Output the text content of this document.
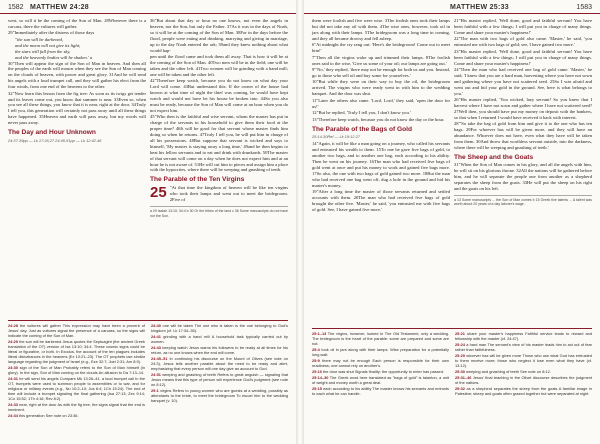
1582 MATTHEW 24:28

west, so will it be the coming of the Son of Man. 28Wherever there is a carcass, there the vultures will gather.

29"Immediately after the distress of those days

"the sun will be darkened,

and the moon will not give its light;

the stars will fall from the sky,

and the heavenly bodies will be shaken.' a

30"Then will appear the sign of the Son of Man in heaven. And then all the peoples of the earth will mourn when they see the Son of Man coming on the clouds of heaven, with power and great glory. 31And he will send his angels with a loud trumpet call, and they will gather his elect from the four winds, from one end of the heavens to the other.

32"Now learn this lesson from the fig tree: As soon as its twigs get tender and its leaves come out, you know that summer is near. 33Even so, when you see all these things, you know that it is near, right at the door. 34Truly I tell you, this generation will certainly not pass away until all these things have happened. 35Heaven and earth will pass away, but my words will never pass away.

The Day and Hour Unknown

24:37-39pp — Lk 17:26,27 24:45-51pp — Lk 12:42-46

36"But about that day or hour no one knows, not even the angels in heaven, nor the Son, but only the Father. 37As it was in the days of Noah, so it will be at the coming of the Son of Man. 38For in the days before the flood, people were eating and drinking, marrying and giving in marriage, up to the day Noah entered the ark; 39and they knew nothing about what would hap-

pen until the flood came and took them all away. That is how it will be at the coming of the Son of Man. 40Two men will be in the field; one will be taken and the other left. 41Two women will be grinding with a hand mill; one will be taken and the other left.

42"Therefore keep watch, because you do not know on what day your Lord will come. 43But understand this: If the owner of the house had known at what time of night the thief was coming, he would have kept watch and would not have let his house be broken into. 44So you also must be ready, because the Son of Man will come at an hour when you do not expect him.

45"Who then is the faithful and wise servant, whom the master has put in charge of the servants in his household to give them their food at the proper time? 46It will be good for that servant whose master finds him doing so when he returns. 47Truly I tell you, he will put him in charge of all his possessions. 48But suppose that servant is wicked and says to himself, 'My master is staying away a long time,' 49and he then begins to beat his fellow servants and to eat and drink with drunkards. 50The master of that servant will come on a day when he does not expect him and at an hour he is not aware of. 51He will cut him to pieces and assign him a place with the hypocrites, where there will be weeping and gnashing of teeth.

The Parable of the Ten Virgins
25 "At that time the kingdom of heaven will be like ten virgins who took their lamps and went out to meet the bridegroom. 2Five of

a 29 Isaiah 13:10; 34:4 b 30 Or the tribes of the land c 36 Some manuscripts do not have nor the Son.

24:28 the vultures will gather This expression may have been a proverb of Jesus' day. Just as vultures signal the presence of a carcass, so the signs will indicate the coming of the Son of Man.

24:29 the sun will be darkened Jesus quotes the Septuagint (the ancient Greek translation of the OT) version of Isa 13:10; 34:4. These cosmic signs could be literal or figurative, or both. In Exodus, the account of the ten plagues includes literal disturbances in the heavens (Ex 10:21–23). The OT prophets use similar language regarding the judgment of Israel (e.g., Eze 32:7; Joel 2:31; Am 8:9).

24:30 sign of the Son of Man Probably refers to the Son of Man himself (in glory). In the sign, Son of Man coming on the clouds An allusion to Da 7:13–14.

24:31 he will send his angels Compare Mk 13:26–41. a loud trumpet call In the OT, trumpets were used to summon people to assemblies or to war, and for religious or military events (e.g., Nu 10:2–10; Jos 6:4; 1Ch 15:24). The end of time will include a trumpet signaling the final gathering (Isa 27:13; Zec 9:14; 1Co 15:52; 1Th 4:16; Rev 8:2).

24:33 near, right at the door As with the fig tree, the signs signal that the end is imminent.

24:34 this generation See note on 23:36.

24:40 one will be taken The one who is taken is the one belonging to God's kingdom (cf. Lk 17:34–35).

24:41 grinding with a hand mill A household task typically carried out by women.

24:43 keeping watch Jesus warns his followers to be ready at all times for his return, as no one knows when the end will come.

24:45–51 In continuing his discourse on the Mount of Olives (see note on 24:3), Jesus tells another parable about the need to be ready and alert, emphasizing that every person will one day give an account to God.

24:51 weeping and gnashing of teeth Refers to great anguish — signaling that Jesus means that this type of person will experience God's judgment (see note on 8:12).

25:1 virgins Refers to young women who are guests at a wedding, possibly as attendants to the bride, to meet the bridegroom To escort him to the wedding banquet (v. 10).

MATTHEW 25:33	1583

them were foolish and five were wise. 3The foolish ones took their lamps but did not take any oil with them. 4The wise ones, however, took oil in jars along with their lamps. 5The bridegroom was a long time in coming, and they all became drowsy and fell asleep.

6"At midnight the cry rang out: 'Here's the bridegroom! Come out to meet him!'

7"Then all the virgins woke up and trimmed their lamps. 8The foolish ones said to the wise, 'Give us some of your oil; our lamps are going out.'

9"'No,' they replied, 'there may not be enough for both us and you. Instead, go to those who sell oil and buy some for yourselves.'

10"But while they were on their way to buy the oil, the bridegroom arrived. The virgins who were ready went in with him to the wedding banquet. And the door was shut.

11"Later the others also came. 'Lord, Lord,' they said, 'open the door for us!'

12"But he replied, 'Truly I tell you, I don't know you.'

13"Therefore keep watch, because you do not know the day or the hour.

The Parable of the Bags of Gold

25:14-30Ref — Lk 19:12-27

14"Again, it will be like a man going on a journey, who called his servants and entrusted his wealth to them. 15To one he gave five bags of gold, to another two bags, and to another one bag, each according to his ability. Then he went on his journey. 16The man who had received five bags of gold went at once and put his money to work and gained five bags more. 17So also, the one with two bags of gold gained two more. 18But the man who had received one bag went off, dug a hole in the ground and hid his master's money.

19"After a long time the master of those servants returned and settled accounts with them. 20The man who had received five bags of gold brought the other five. 'Master,' he said, 'you entrusted me with five bags of gold. See, I have gained five more.'

21"His master replied, 'Well done, good and faithful servant! You have been faithful with a few things; I will put you in charge of many things. Come and share your master's happiness!'

22"The man with two bags of gold also came. 'Master,' he said, 'you entrusted me with two bags of gold; see, I have gained two more.'

23"His master replied, 'Well done, good and faithful servant! You have been faithful with a few things; I will put you in charge of many things. Come and share your master's happiness!'

24"Then the man who had received one bag of gold came. 'Master,' he said, 'I knew that you are a hard man, harvesting where you have not sown and gathering where you have not scattered seed. 25So I was afraid and went out and hid your gold in the ground. See, here is what belongs to you.'

26"His master replied, 'You wicked, lazy servant! So you knew that I harvest where I have not sown and gather where I have not scattered seed? 27Well then, you should have put my money on deposit with the bankers, so that when I returned I would have received it back with interest.

28"'So take the bag of gold from him and give it to the one who has ten bags. 29For whoever has will be given more, and they will have an abundance. Whoever does not have, even what they have will be taken from them. 30And throw that worthless servant outside, into the darkness, where there will be weeping and gnashing of teeth.'

The Sheep and the Goats

31"When the Son of Man comes in his glory, and all the angels with him, he will sit on his glorious throne. 32All the nations will be gathered before him, and he will separate the people one from another as a shepherd separates the sheep from the goats. 33He will put the sheep on his right and the goats on his left.

a 13 Some manuscripts ... the Son of Man comes b 15 Greek five talents ... A talent was worth about 20 years of a day laborer's wage.

25:1–13 The virgins, however, looked In The Old Testament, only a wedding. The bridegroom is the heart of the parable: some are prepared and some are not.

25:4 took oil in jars along with their lamps. Wise preparation for a potentially long wait.

25:9 there may not be enough Each person is responsible for their own readiness; one cannot rely on another's.

25:10 the door was shut Signals finality; the opportunity to enter has passed.

25:14–30 The Greek word here translated as "bags of gold" is talanton, a unit of weight and money worth a great deal.

25:15 each according to his ability The master knows his servants and entrusts to each what he can handle.

25:21 share your master's happiness Faithful service leads to reward and fellowship with the master (cf. 24:47).

25:24 a hard man The servant's view of his master leads him to act out of fear rather than faithfulness.

25:29 whoever has will be given more Those who use what God has entrusted to them receive more; those who neglect it lose even what they have (cf. 13:12).

25:30 weeping and gnashing of teeth See note on 8:12.

25:31–46 Jesus' final teaching in the Olivet discourse describes the judgment of the nations.

25:32 as a shepherd separates the sheep from the goats A familiar image in Palestine; sheep and goats often grazed together but were separated at night.
